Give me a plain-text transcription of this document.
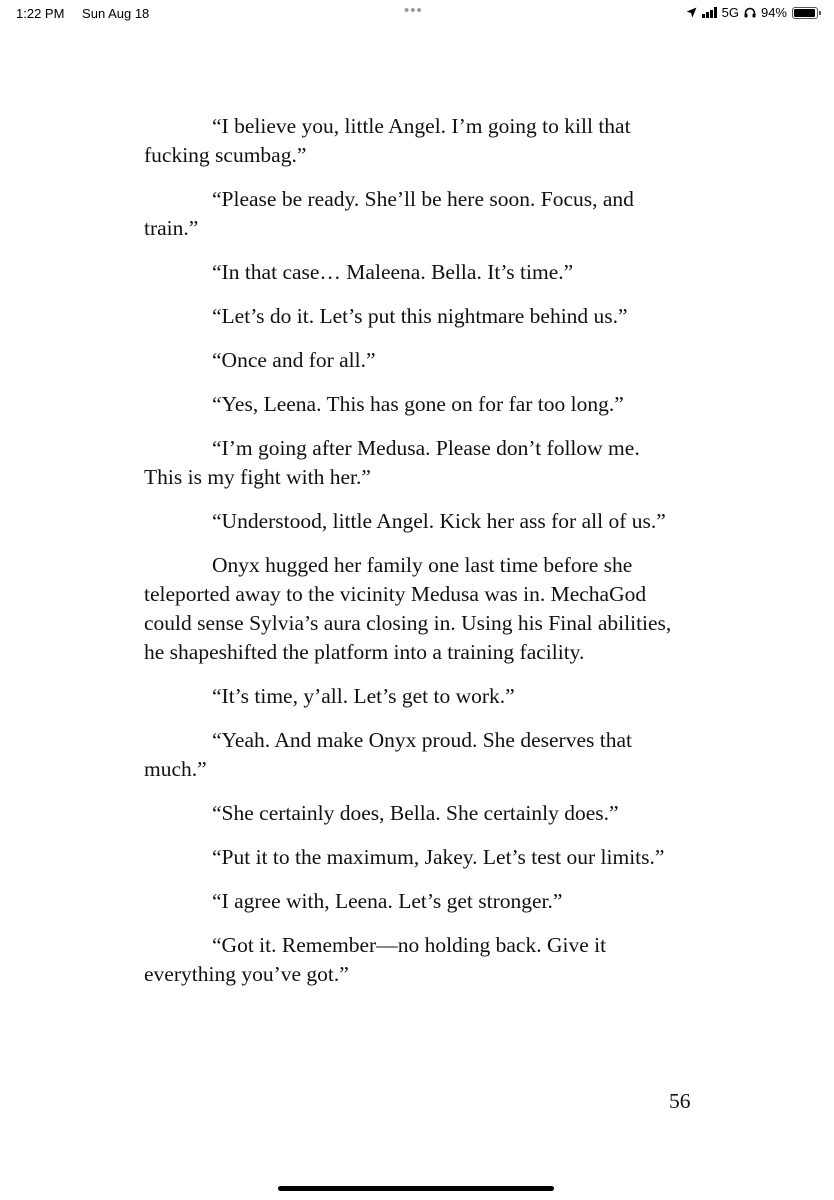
1:22 PM Sun Aug 18	•••	5G 94%

“I believe you, little Angel. I’m going to kill that fucking scumbag.”

“Please be ready. She’ll be here soon. Focus, and train.”

“In that case… Maleena. Bella. It’s time.”

“Let’s do it. Let’s put this nightmare behind us.”

“Once and for all.”

“Yes, Leena. This has gone on for far too long.”

“I’m going after Medusa. Please don’t follow me. This is my fight with her.”

“Understood, little Angel. Kick her ass for all of us.”

Onyx hugged her family one last time before she teleported away to the vicinity Medusa was in. MechaGod could sense Sylvia’s aura closing in. Using his Final abilities, he shapeshifted the platform into a training facility.

“It’s time, y’all. Let’s get to work.”

“Yeah. And make Onyx proud. She deserves that much.”

“She certainly does, Bella. She certainly does.”

“Put it to the maximum, Jakey. Let’s test our limits.”

“I agree with, Leena. Let’s get stronger.”

“Got it. Remember—no holding back. Give it everything you’ve got.”

56
